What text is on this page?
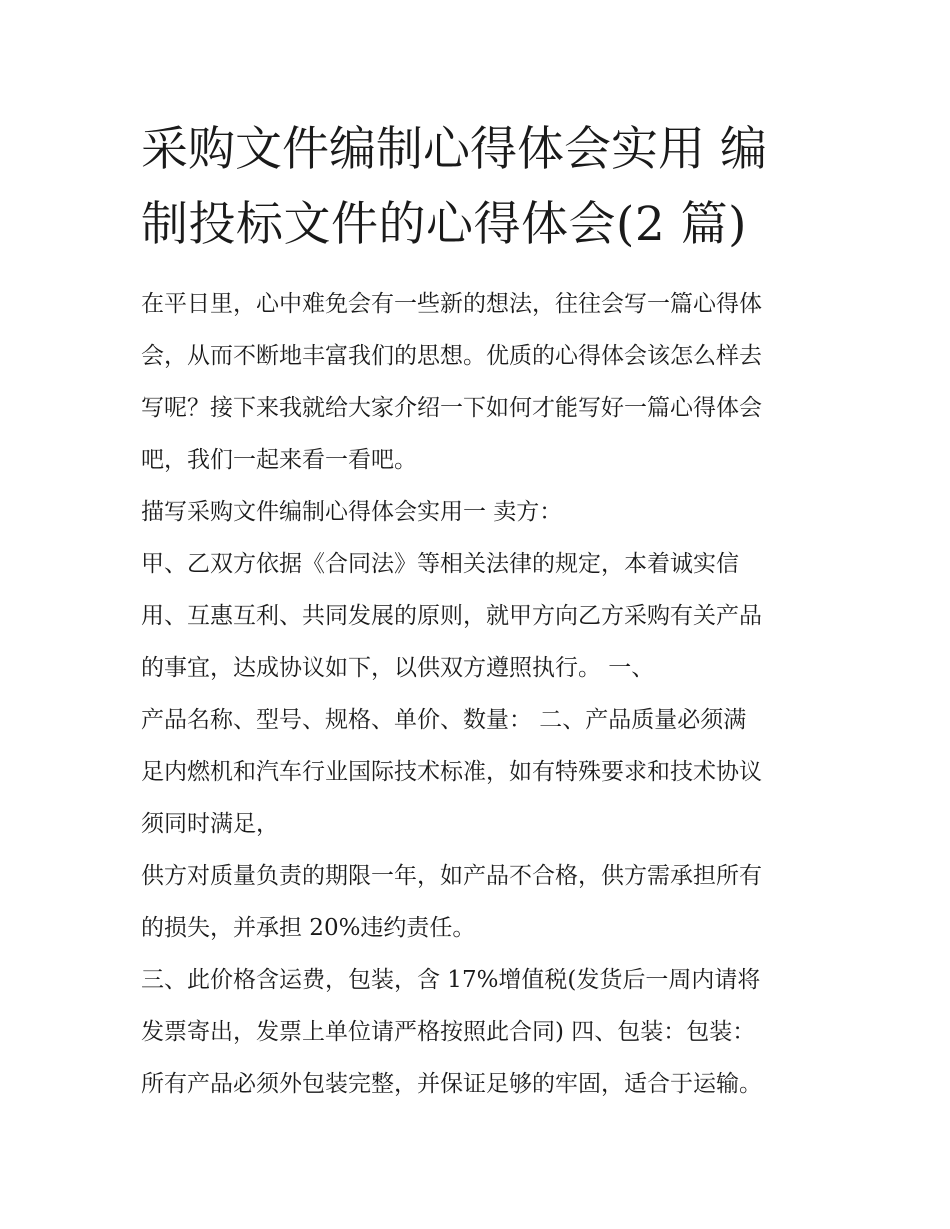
采购文件编制心得体会实用 编
制投标文件的心得体会(2 篇)
在平日里，心中难免会有一些新的想法，往往会写一篇心得体
会，从而不断地丰富我们的思想。优质的心得体会该怎么样去
写呢？接下来我就给大家介绍一下如何才能写好一篇心得体会
吧，我们一起来看一看吧。
描写采购文件编制心得体会实用一 卖方：
甲、乙双方依据《合同法》等相关法律的规定，本着诚实信
用、互惠互利、共同发展的原则，就甲方向乙方采购有关产品
的事宜，达成协议如下，以供双方遵照执行。 一、
产品名称、型号、规格、单价、数量： 二、产品质量必须满
足内燃机和汽车行业国际技术标准，如有特殊要求和技术协议
须同时满足，
供方对质量负责的期限一年，如产品不合格，供方需承担所有
的损失，并承担 20%违约责任。
三、此价格含运费，包装，含 17%增值税(发货后一周内请将
发票寄出，发票上单位请严格按照此合同) 四、包装：包装：
所有产品必须外包装完整，并保证足够的牢固，适合于运输。
